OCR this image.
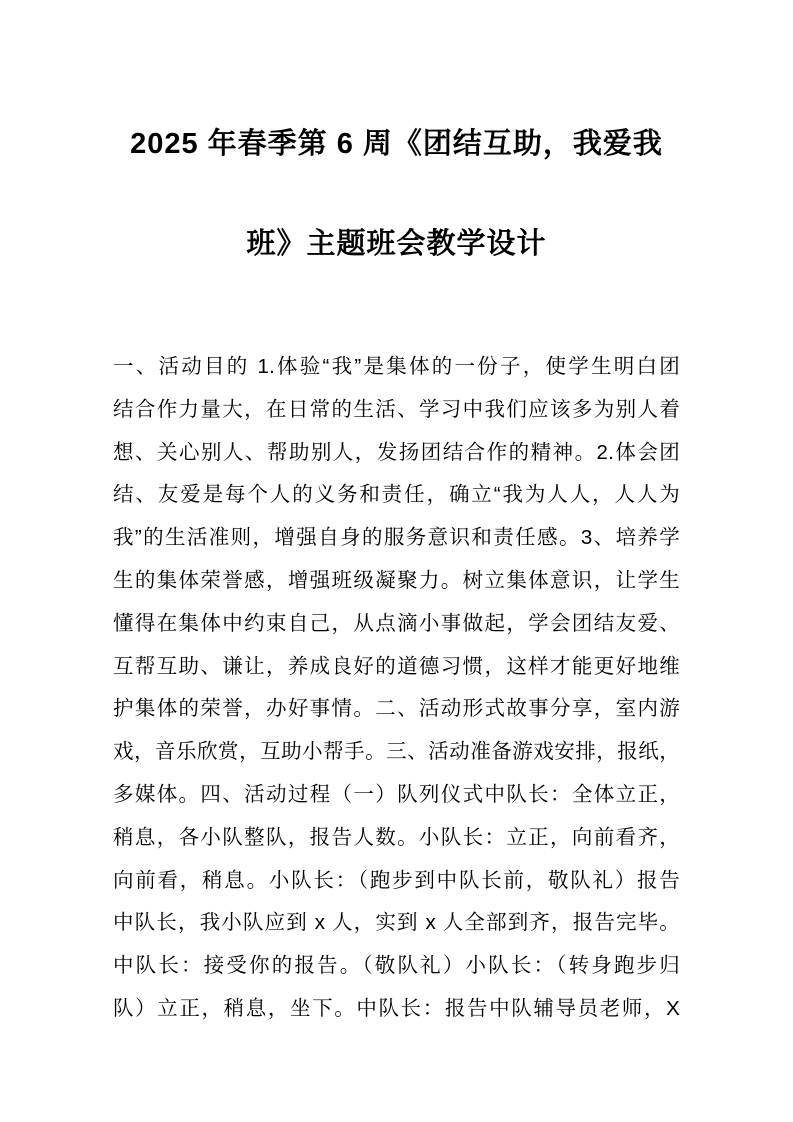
2025 年春季第 6 周《团结互助，我爱我
班》主题班会教学设计
一、活动目的 1.体验“我”是集体的一份子，使学生明白团
结合作力量大，在日常的生活、学习中我们应该多为别人着
想、关心别人、帮助别人，发扬团结合作的精神。2.体会团
结、友爱是每个人的义务和责任，确立“我为人人，人人为
我”的生活准则，增强自身的服务意识和责任感。3、培养学
生的集体荣誉感，增强班级凝聚力。树立集体意识，让学生
懂得在集体中约束自己，从点滴小事做起，学会团结友爱、
互帮互助、谦让，养成良好的道德习惯，这样才能更好地维
护集体的荣誉，办好事情。二、活动形式故事分享，室内游
戏，音乐欣赏，互助小帮手。三、活动准备游戏安排，报纸，
多媒体。四、活动过程（一）队列仪式中队长：全体立正，
稍息，各小队整队，报告人数。小队长：立正，向前看齐，
向前看，稍息。小队长：（跑步到中队长前，敬队礼）报告
中队长，我小队应到 x 人，实到 x 人全部到齐，报告完毕。
中队长：接受你的报告。（敬队礼）小队长：（转身跑步归
队）立正，稍息，坐下。中队长：报告中队辅导员老师，X
